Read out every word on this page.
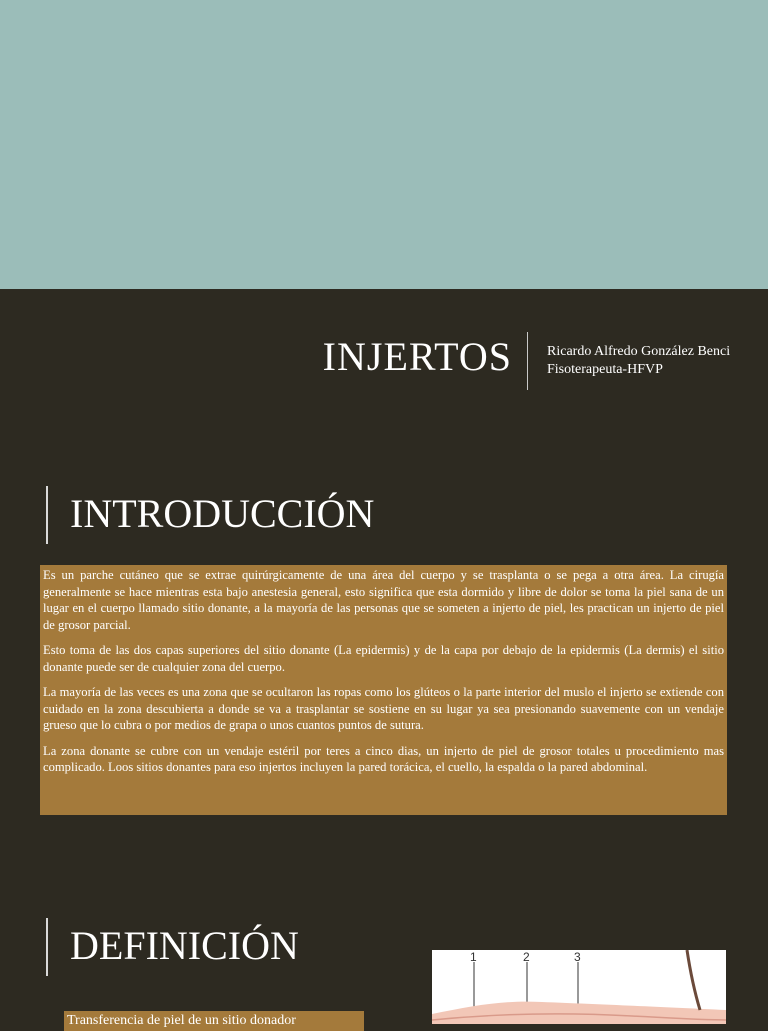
INJERTOS	Ricardo Alfredo González Benci
Fisoterapeuta-HFVP
INTRODUCCIÓN

Es un parche cutáneo que se extrae quirúrgicamente de una área del cuerpo y se trasplanta o se pega a otra área. La cirugía generalmente se hace mientras esta bajo anestesia general, esto significa que esta dormido y libre de dolor se toma la piel sana de un lugar en el cuerpo llamado sitio donante, a la mayoría de las personas que se someten a injerto de piel, les practican un injerto de piel de grosor parcial.

Esto toma de las dos capas superiores del sitio donante (La epidermis) y de la capa por debajo de la epidermis (La dermis) el sitio donante puede ser de cualquier zona del cuerpo.

La mayoría de las veces es una zona que se ocultaron las ropas como los glúteos o la parte interior del muslo el injerto se extiende con cuidado en la zona descubierta a donde se va a trasplantar se sostiene en su lugar ya sea presionando suavemente con un vendaje grueso que lo cubra o por medios de grapa o unos cuantos puntos de sutura.

La zona donante se cubre con un vendaje estéril por teres a cinco dias, un injerto de piel de grosor totales u procedimiento mas complicado. Loos sitios donantes para eso injertos incluyen la pared torácica, el cuello, la espalda o la pared abdominal.

DEFINICIÓN	1	2	3
Transferencia de piel de un sitio donador
